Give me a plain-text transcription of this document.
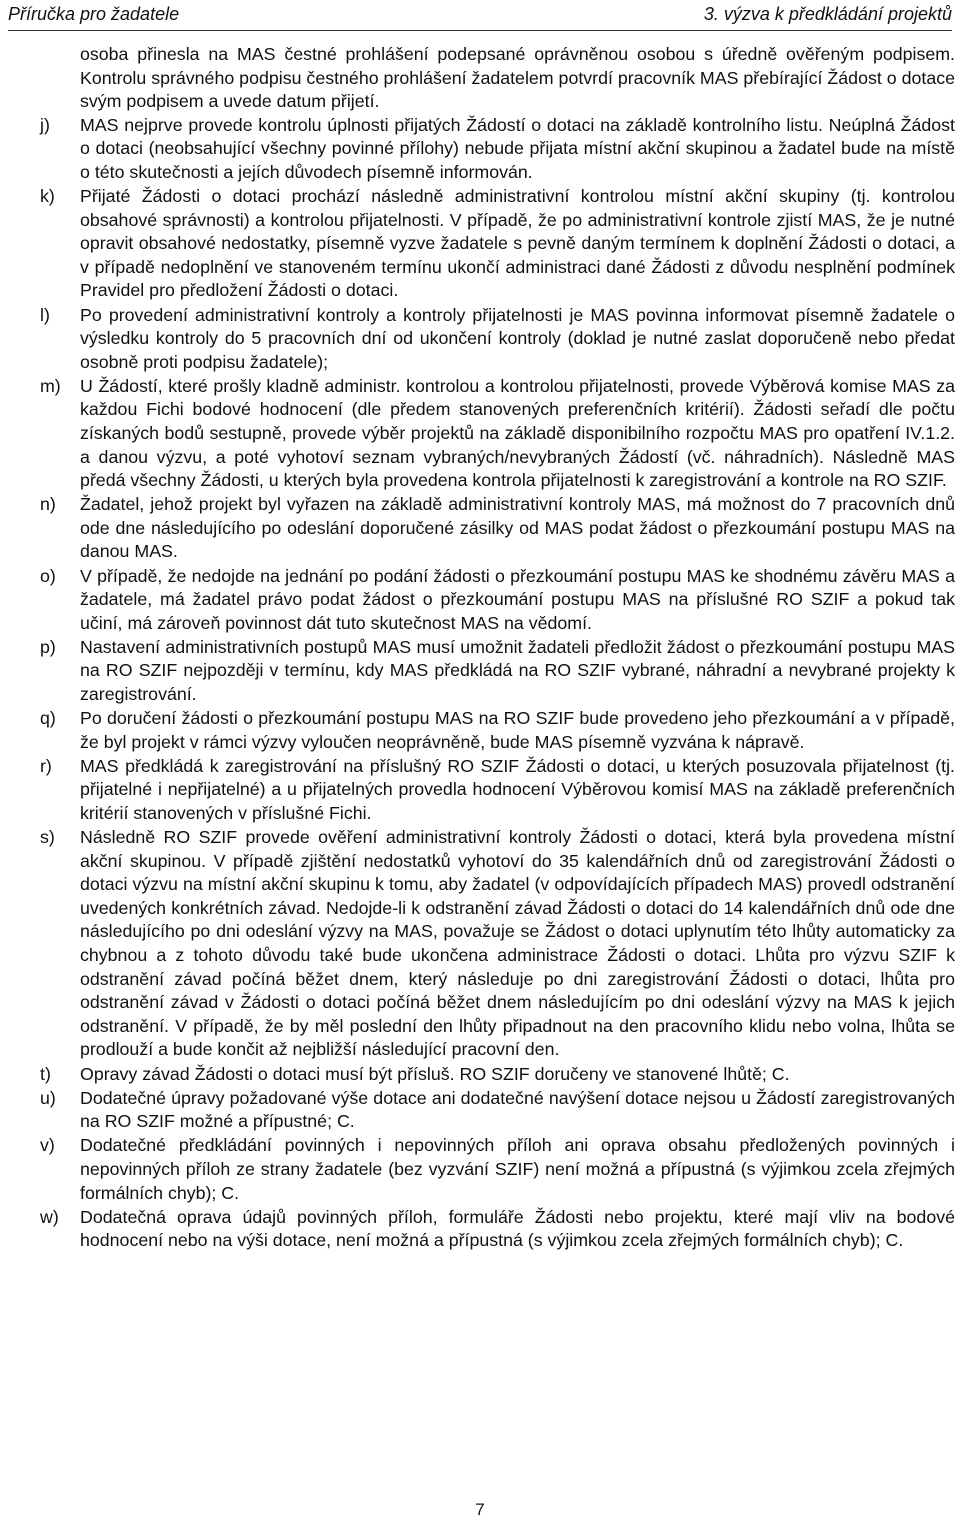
Příručka pro žadatele	3. výzva k předkládání projektů

osoba přinesla na MAS čestné prohlášení podepsané oprávněnou osobou s úředně ověřeným podpisem. Kontrolu správného podpisu čestného prohlášení žadatelem potvrdí pracovník MAS přebírající Žádost o dotace svým podpisem a uvede datum přijetí.

j) MAS nejprve provede kontrolu úplnosti přijatých Žádostí o dotaci na základě kontrolního listu. Neúplná Žádost o dotaci (neobsahující všechny povinné přílohy) nebude přijata místní akční skupinou a žadatel bude na místě o této skutečnosti a jejích důvodech písemně informován.
k) Přijaté Žádosti o dotaci prochází následně administrativní kontrolou místní akční skupiny (tj. kontrolou obsahové správnosti) a kontrolou přijatelnosti. V případě, že po administrativní kontrole zjistí MAS, že je nutné opravit obsahové nedostatky, písemně vyzve žadatele s pevně daným termínem k doplnění Žádosti o dotaci, a v případě nedoplnění ve stanoveném termínu ukončí administraci dané Žádosti z důvodu nesplnění podmínek Pravidel pro předložení Žádosti o dotaci.
l) Po provedení administrativní kontroly a kontroly přijatelnosti je MAS povinna informovat písemně žadatele o výsledku kontroly do 5 pracovních dní od ukončení kontroly (doklad je nutné zaslat doporučeně nebo předat osobně proti podpisu žadatele);
m) U Žádostí, které prošly kladně administr. kontrolou a kontrolou přijatelnosti, provede Výběrová komise MAS za každou Fichi bodové hodnocení (dle předem stanovených preferenčních kritérií). Žádosti seřadí dle počtu získaných bodů sestupně, provede výběr projektů na základě disponibilního rozpočtu MAS pro opatření IV.1.2. a danou výzvu, a poté vyhotoví seznam vybraných/nevybraných Žádostí (vč. náhradních). Následně MAS předá všechny Žádosti, u kterých byla provedena kontrola přijatelnosti k zaregistrování a kontrole na RO SZIF.
n) Žadatel, jehož projekt byl vyřazen na základě administrativní kontroly MAS, má možnost do 7 pracovních dnů ode dne následujícího po odeslání doporučené zásilky od MAS podat žádost o přezkoumání postupu MAS na danou MAS.
o) V případě, že nedojde na jednání po podání žádosti o přezkoumání postupu MAS ke shodnému závěru MAS a žadatele, má žadatel právo podat žádost o přezkoumání postupu MAS na příslušné RO SZIF a pokud tak učiní, má zároveň povinnost dát tuto skutečnost MAS na vědomí.
p) Nastavení administrativních postupů MAS musí umožnit žadateli předložit žádost o přezkoumání postupu MAS na RO SZIF nejpozději v termínu, kdy MAS předkládá na RO SZIF vybrané, náhradní a nevybrané projekty k zaregistrování.
q) Po doručení žádosti o přezkoumání postupu MAS na RO SZIF bude provedeno jeho přezkoumání a v případě, že byl projekt v rámci výzvy vyloučen neoprávněně, bude MAS písemně vyzvána k nápravě.
r) MAS předkládá k zaregistrování na příslušný RO SZIF Žádosti o dotaci, u kterých posuzovala přijatelnost (tj. přijatelné i nepřijatelné) a u přijatelných provedla hodnocení Výběrovou komisí MAS na základě preferenčních kritérií stanovených v příslušné Fichi.
s) Následně RO SZIF provede ověření administrativní kontroly Žádosti o dotaci, která byla provedena místní akční skupinou. V případě zjištění nedostatků vyhotoví do 35 kalendářních dnů od zaregistrování Žádosti o dotaci výzvu na místní akční skupinu k tomu, aby žadatel (v odpovídajících případech MAS) provedl odstranění uvedených konkrétních závad. Nedojde-li k odstranění závad Žádosti o dotaci do 14 kalendářních dnů ode dne následujícího po dni odeslání výzvy na MAS, považuje se Žádost o dotaci uplynutím této lhůty automaticky za chybnou a z tohoto důvodu také bude ukončena administrace Žádosti o dotaci. Lhůta pro výzvu SZIF k odstranění závad počíná běžet dnem, který následuje po dni zaregistrování Žádosti o dotaci, lhůta pro odstranění závad v Žádosti o dotaci počíná běžet dnem následujícím po dni odeslání výzvy na MAS k jejich odstranění. V případě, že by měl poslední den lhůty připadnout na den pracovního klidu nebo volna, lhůta se prodlouží a bude končit až nejbližší následující pracovní den.
t) Opravy závad Žádosti o dotaci musí být přísluš. RO SZIF doručeny ve stanovené lhůtě; C.
u) Dodatečné úpravy požadované výše dotace ani dodatečné navýšení dotace nejsou u Žádostí zaregistrovaných na RO SZIF možné a přípustné; C.
v) Dodatečné předkládání povinných i nepovinných příloh ani oprava obsahu předložených povinných i nepovinných příloh ze strany žadatele (bez vyzvání SZIF) není možná a přípustná (s výjimkou zcela zřejmých formálních chyb); C.
w) Dodatečná oprava údajů povinných příloh, formuláře Žádosti nebo projektu, které mají vliv na bodové hodnocení nebo na výši dotace, není možná a přípustná (s výjimkou zcela zřejmých formálních chyb); C.
7
